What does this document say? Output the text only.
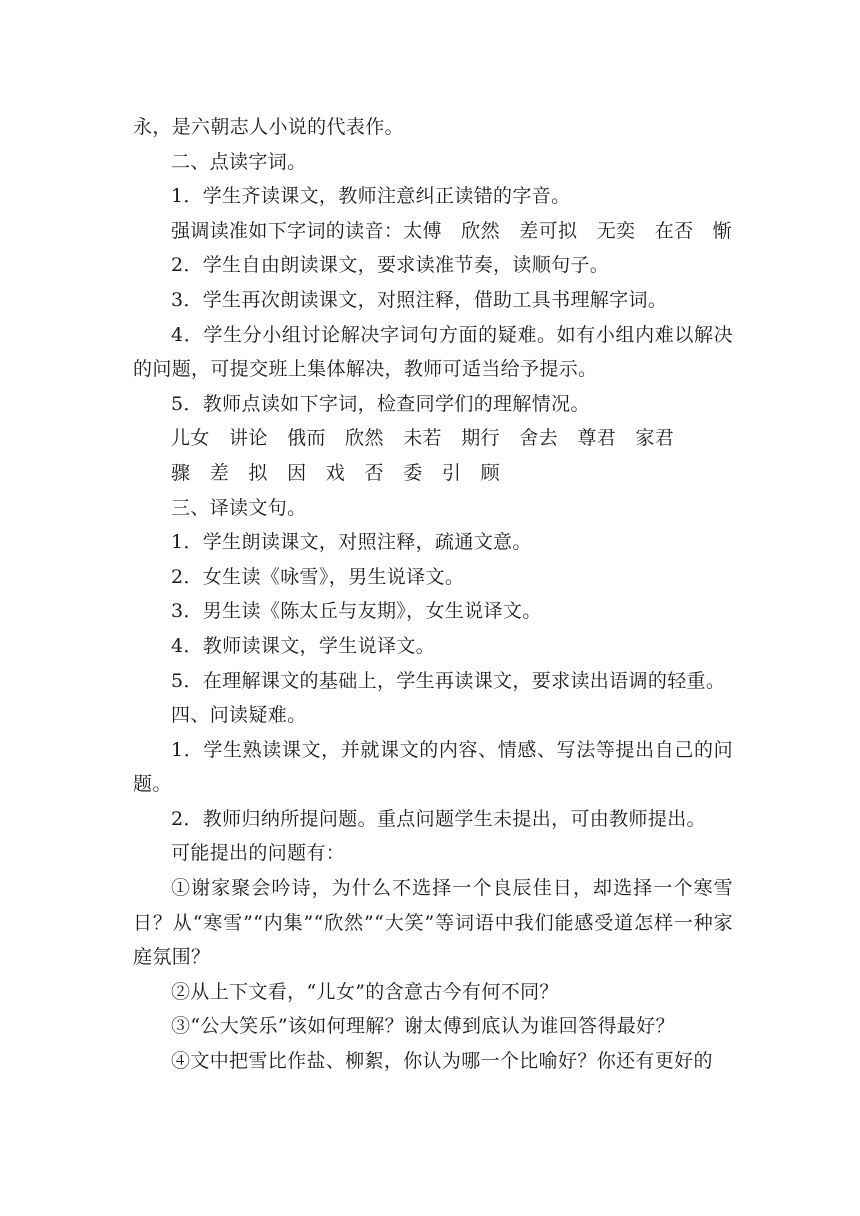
永，是六朝志人小说的代表作。

二、点读字词。

1．学生齐读课文，教师注意纠正读错的字音。

强调读准如下字词的读音：太傅　欣然　差可拟　无奕　在否　惭

2．学生自由朗读课文，要求读准节奏，读顺句子。

3．学生再次朗读课文，对照注释，借助工具书理解字词。

4．学生分小组讨论解决字词句方面的疑难。如有小组内难以解决的问题，可提交班上集体解决，教师可适当给予提示。

5．教师点读如下字词，检查同学们的理解情况。

儿女　讲论　俄而　欣然　未若　期行　舍去　尊君　家君

骤　差　拟　因　戏　否　委　引　顾

三、译读文句。

1．学生朗读课文，对照注释，疏通文意。

2．女生读《咏雪》，男生说译文。

3．男生读《陈太丘与友期》，女生说译文。

4．教师读课文，学生说译文。

5．在理解课文的基础上，学生再读课文，要求读出语调的轻重。

四、问读疑难。

1．学生熟读课文，并就课文的内容、情感、写法等提出自己的问题。

2．教师归纳所提问题。重点问题学生未提出，可由教师提出。

可能提出的问题有：

①谢家聚会吟诗，为什么不选择一个良辰佳日，却选择一个寒雪日？从“寒雪”“内集”“欣然”“大笑”等词语中我们能感受道怎样一种家庭氛围？

②从上下文看，“儿女”的含意古今有何不同？

③“公大笑乐”该如何理解？谢太傅到底认为谁回答得最好？

④文中把雪比作盐、柳絮，你认为哪一个比喻好？你还有更好的
